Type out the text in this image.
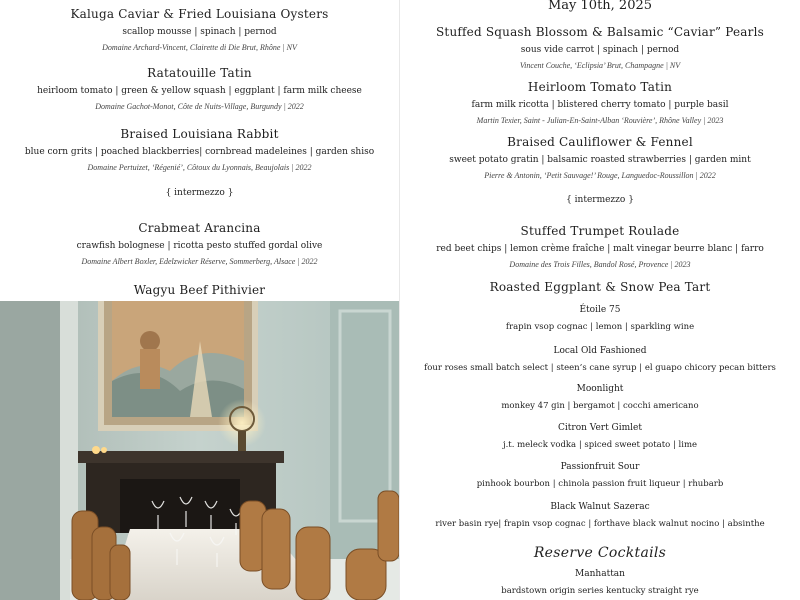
Kaluga Caviar & Fried Louisiana Oysters
scallop mousse | spinach | pernod
Domaine Archard-Vincent, Clairette di Die Brut, Rhône | NV
Ratatouille Tatin
heirloom tomato | green & yellow squash | eggplant | farm milk cheese
Domaine Gachot-Monot, Côte de Nuits-Village, Burgundy | 2022
Braised Louisiana Rabbit
blue corn grits | poached blackberries| cornbread madeleines | garden shiso
Domaine Pertuizet, ‘Régenié’, Côtoux du Lyonnais, Beaujolais | 2022
{ intermezzo }
Crabmeat Arancina
crawfish bolognese | ricotta pesto stuffed gordal olive
Domaine Albert Boxler, Edelzwicker Réserve, Sommerberg, Alsace | 2022
Wagyu Beef Pithivier
May 10th, 2025
Stuffed Squash Blossom & Balsamic “Caviar” Pearls
sous vide carrot | spinach | pernod
Vincent Couche, ‘Eclipsia’ Brut, Champagne | NV
Heirloom Tomato Tatin
farm milk ricotta | blistered cherry tomato | purple basil
Martin Texier, Saint - Julian-En-Saint-Alban ‘Rouvière’, Rhône Valley | 2023
Braised Cauliflower & Fennel
sweet potato gratin | balsamic roasted strawberries | garden mint
Pierre & Antonin, ‘Petit Sauvage!’ Rouge, Languedoc-Roussillon | 2022
{ intermezzo }
Stuffed Trumpet Roulade
red beet chips | lemon crème fraîche | malt vinegar beurre blanc | farro
Domaine des Trois Filles, Bandol Rosé, Provence | 2023
Roasted Eggplant & Snow Pea Tart
Étoile 75
frapin vsop cognac | lemon | sparkling wine
Local Old Fashioned
four roses small batch select | steen’s cane syrup | el guapo chicory pecan bitters
Moonlight
monkey 47 gin | bergamot | cocchi americano
Citron Vert Gimlet
j.t. meleck vodka | spiced sweet potato | lime
Passionfruit Sour
pinhook bourbon | chinola passion fruit liqueur | rhubarb
Black Walnut Sazerac
river basin rye| frapin vsop cognac | forthave black walnut nocino | absinthe
Reserve Cocktails
Manhattan
bardstown origin series kentucky straight rye
